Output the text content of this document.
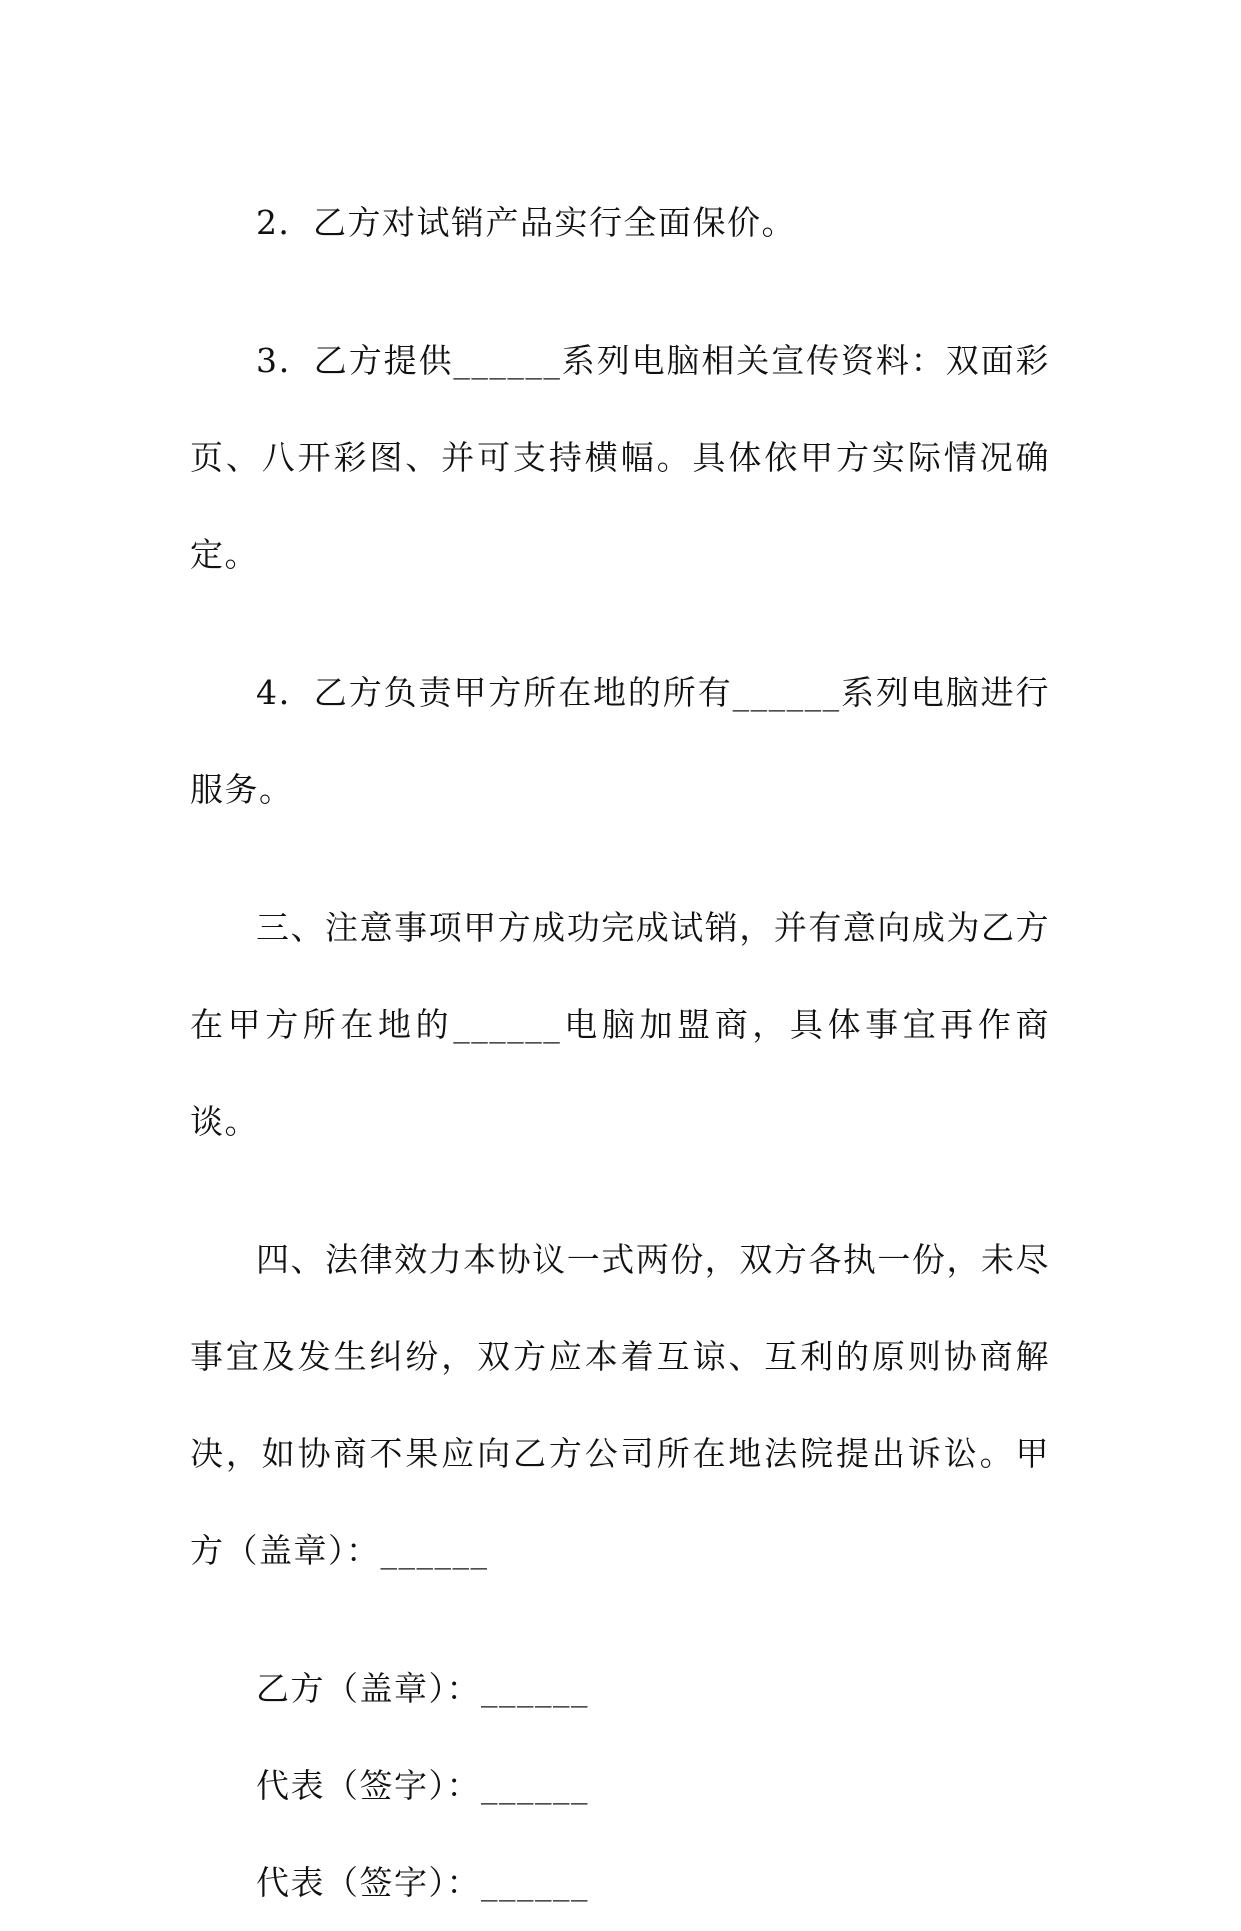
2．乙方对试销产品实行全面保价。

3．乙方提供______系列电脑相关宣传资料：双面彩页、八开彩图、并可支持横幅。具体依甲方实际情况确定。

4．乙方负责甲方所在地的所有______系列电脑进行服务。

三、注意事项甲方成功完成试销，并有意向成为乙方在甲方所在地的______电脑加盟商，具体事宜再作商谈。

四、法律效力本协议一式两份，双方各执一份，未尽事宜及发生纠纷，双方应本着互谅、互利的原则协商解决，如协商不果应向乙方公司所在地法院提出诉讼。甲方（盖章）：______

乙方（盖章）：______

代表（签字）：______

代表（签字）：______
